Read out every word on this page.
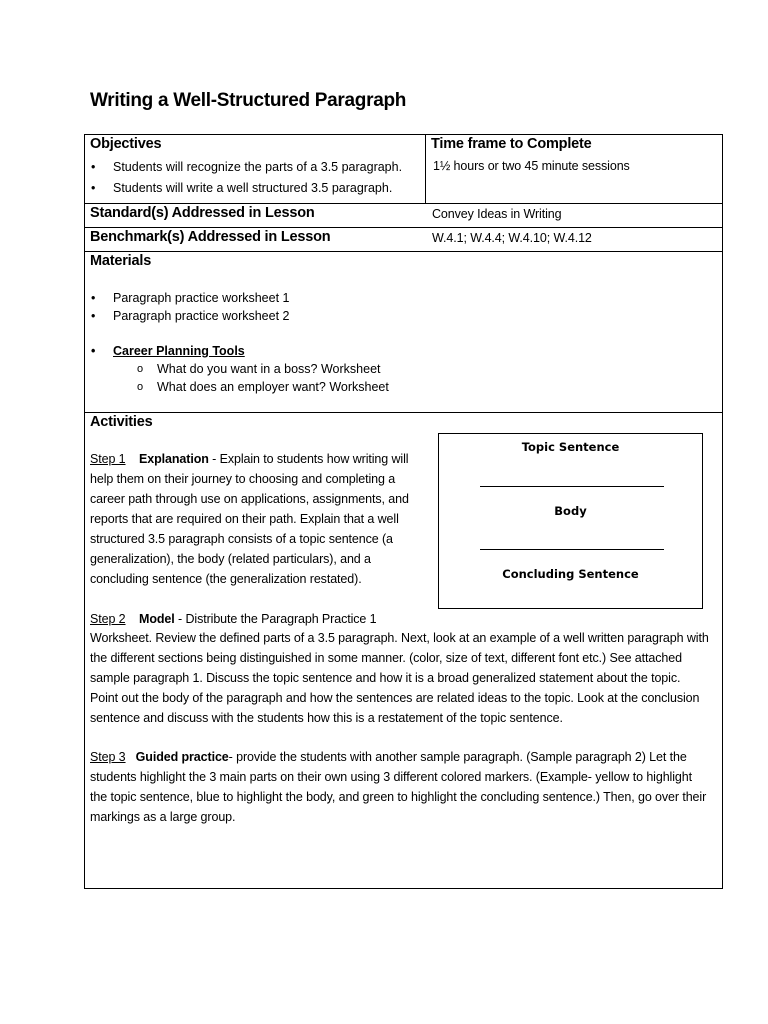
Writing a Well-Structured Paragraph
Objectives
• Students will recognize the parts of a 3.5 paragraph.
• Students will write a well structured 3.5 paragraph.
Time frame to Complete
1½ hours or two 45 minute sessions
Standard(s) Addressed in Lesson	Convey Ideas in Writing
Benchmark(s) Addressed in Lesson	W.4.1; W.4.4; W.4.10; W.4.12
Materials
• Paragraph practice worksheet 1
• Paragraph practice worksheet 2
• Career Planning Tools
o What do you want in a boss? Worksheet
o What does an employer want? Worksheet
Activities
Topic Sentence
Body
Concluding Sentence
Step 1 Explanation - Explain to students how writing will
help them on their journey to choosing and completing a
career path through use on applications, assignments, and
reports that are required on their path. Explain that a well
structured 3.5 paragraph consists of a topic sentence (a
generalization), the body (related particulars), and a
concluding sentence (the generalization restated).
Step 2 Model - Distribute the Paragraph Practice 1
Worksheet. Review the defined parts of a 3.5 paragraph. Next, look at an example of a well written paragraph with
the different sections being distinguished in some manner. (color, size of text, different font etc.) See attached
sample paragraph 1. Discuss the topic sentence and how it is a broad generalized statement about the topic.
Point out the body of the paragraph and how the sentences are related ideas to the topic. Look at the conclusion
sentence and discuss with the students how this is a restatement of the topic sentence.
Step 3 Guided practice- provide the students with another sample paragraph. (Sample paragraph 2) Let the
students highlight the 3 main parts on their own using 3 different colored markers. (Example- yellow to highlight
the topic sentence, blue to highlight the body, and green to highlight the concluding sentence.) Then, go over their
markings as a large group.
